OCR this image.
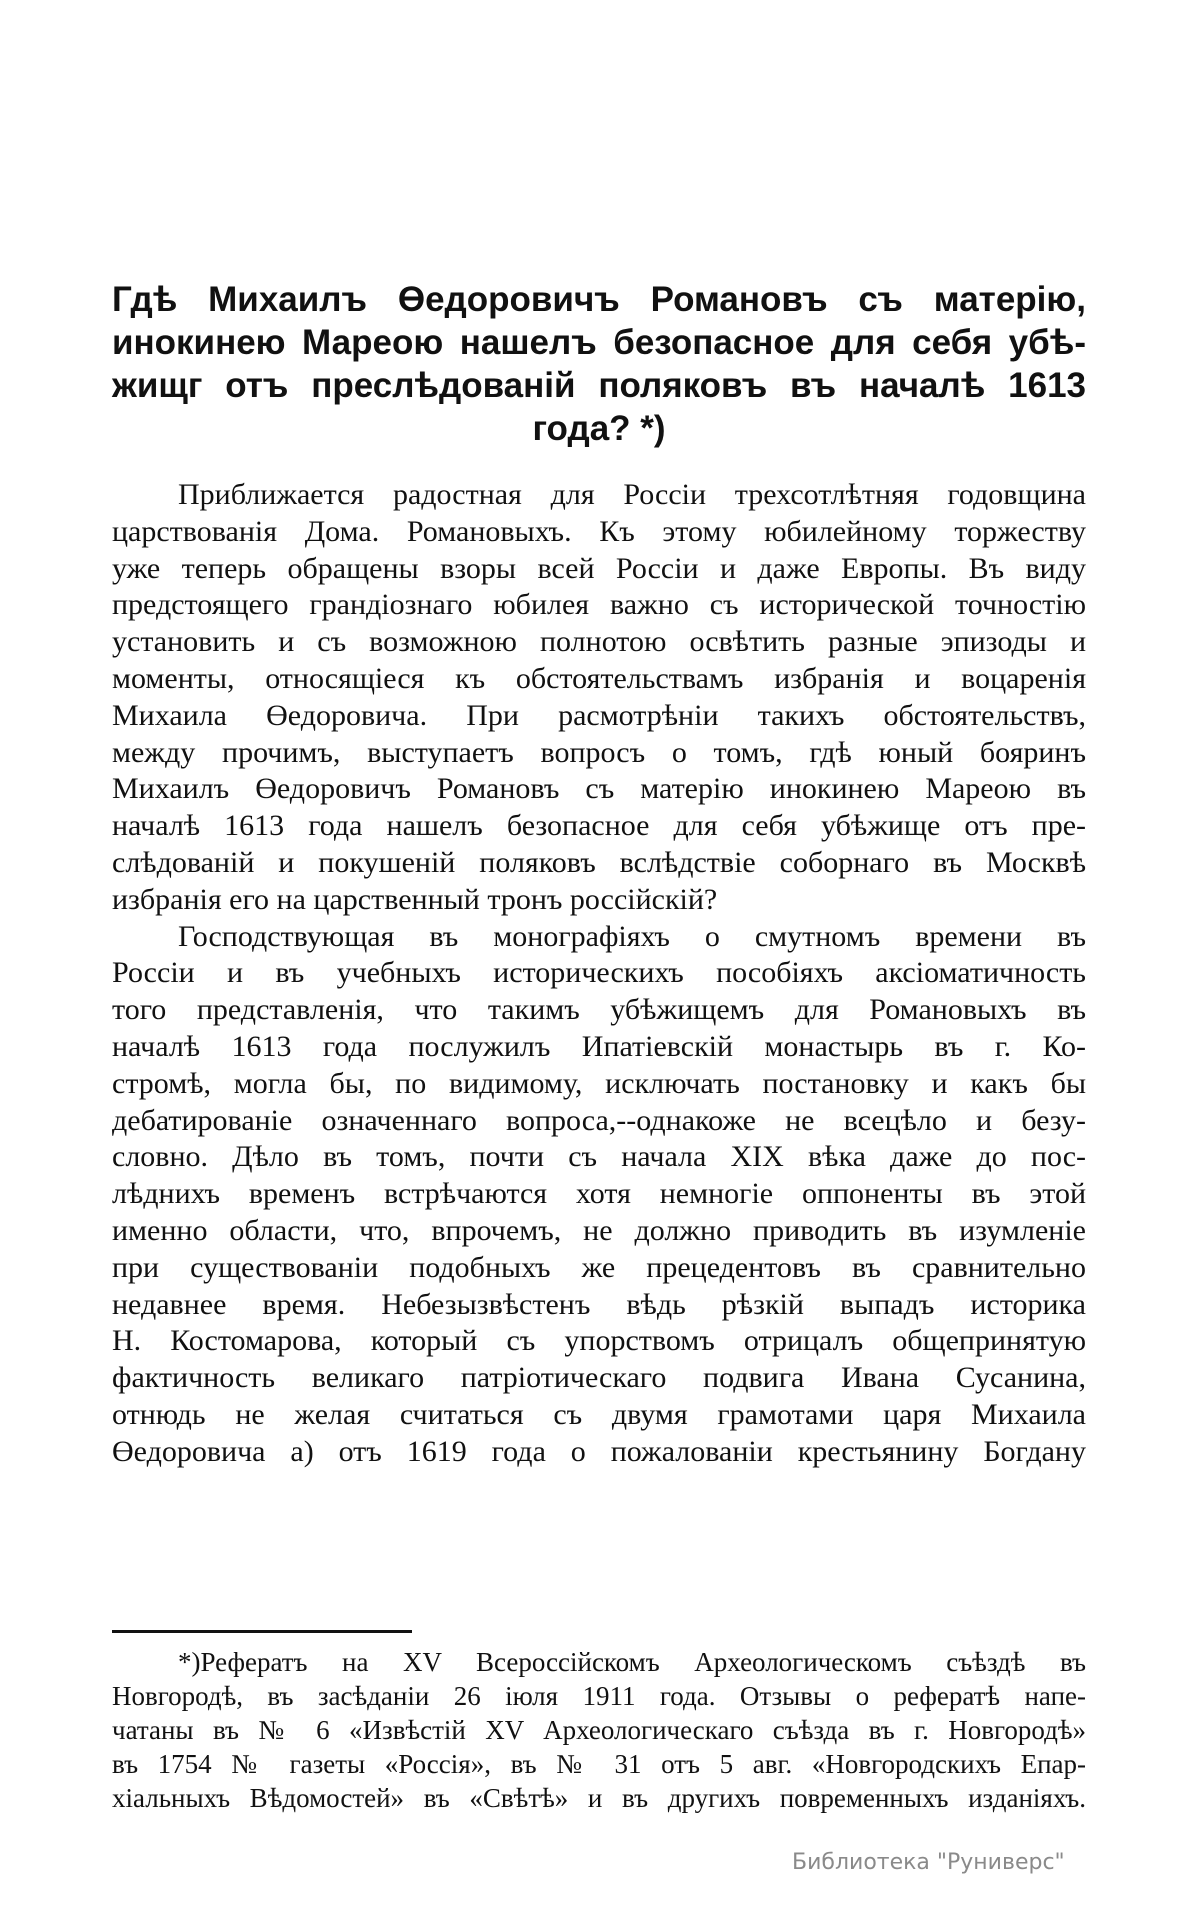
Гдѣ Михаилъ Өедоровичъ Романовъ съ матерію,
инокинею Мареою нашелъ безопасное для себя убѣ-
жищг отъ преслѣдованій поляковъ въ началѣ 1613
года? *)
Приближается радостная для Россіи трехсотлѣтняя годовщина
царствованія Дома. Романовыхъ. Къ этому юбилейному торжеству
уже теперь обращены взоры всей Россіи и даже Европы. Въ виду
предстоящего грандіознаго юбилея важно съ исторической точностію
установить и съ возможною полнотою освѣтить разные эпизоды и
моменты, относящіеся къ обстоятельствамъ избранія и воцаренія
Михаила Өедоровича. При расмотрѣніи такихъ обстоятельствъ,
между прочимъ, выступаетъ вопросъ о томъ, гдѣ юный бояринъ
Михаилъ Өедоровичъ Романовъ съ матерію инокинею Мареою въ
началѣ 1613 года нашелъ безопасное для себя убѣжище отъ пре-
слѣдованій и покушеній поляковъ вслѣдствіе соборнаго въ Москвѣ
избранія его на царственный тронъ россійскій?
Господствующая въ монографіяхъ о смутномъ времени въ
Россіи и въ учебныхъ историческихъ пособіяхъ аксіоматичность
того представленія, что такимъ убѣжищемъ для Романовыхъ въ
началѣ 1613 года послужилъ Ипатіевскій монастырь въ г. Ко-
стромѣ, могла бы, по видимому, исключать постановку и какъ бы
дебатированіе означеннаго вопроса,--однакоже не всецѣло и безу-
словно. Дѣло въ томъ, почти съ начала XIX вѣка даже до пос-
лѣднихъ временъ встрѣчаются хотя немногіе оппоненты въ этой
именно области, что, впрочемъ, не должно приводить въ изумленіе
при существованіи подобныхъ же прецедентовъ въ сравнительно
недавнее время. Небезызвѣстенъ вѣдь рѣзкій выпадъ историка
Н. Костомарова, который съ упорствомъ отрицалъ общепринятую
фактичность великаго патріотическаго подвига Ивана Сусанина,
отнюдь не желая считаться съ двумя грамотами царя Михаила
Өедоровича а) отъ 1619 года о пожалованіи крестьянину Богдану
*)Рефератъ на XV Всероссійскомъ Археологическомъ съѣздѣ въ
Новгородѣ, въ засѣданіи 26 іюля 1911 года. Отзывы о рефератѣ напе-
чатаны въ № 6 «Извѣстій XV Археологическаго съѣзда въ г. Новгородѣ»
въ 1754 № газеты «Россія», въ № 31 отъ 5 авг. «Новгородскихъ Епар-
хіальныхъ Вѣдомостей» въ «Свѣтѣ» и въ другихъ повременныхъ изданіяхъ.
Библиотека "Руниверс"
